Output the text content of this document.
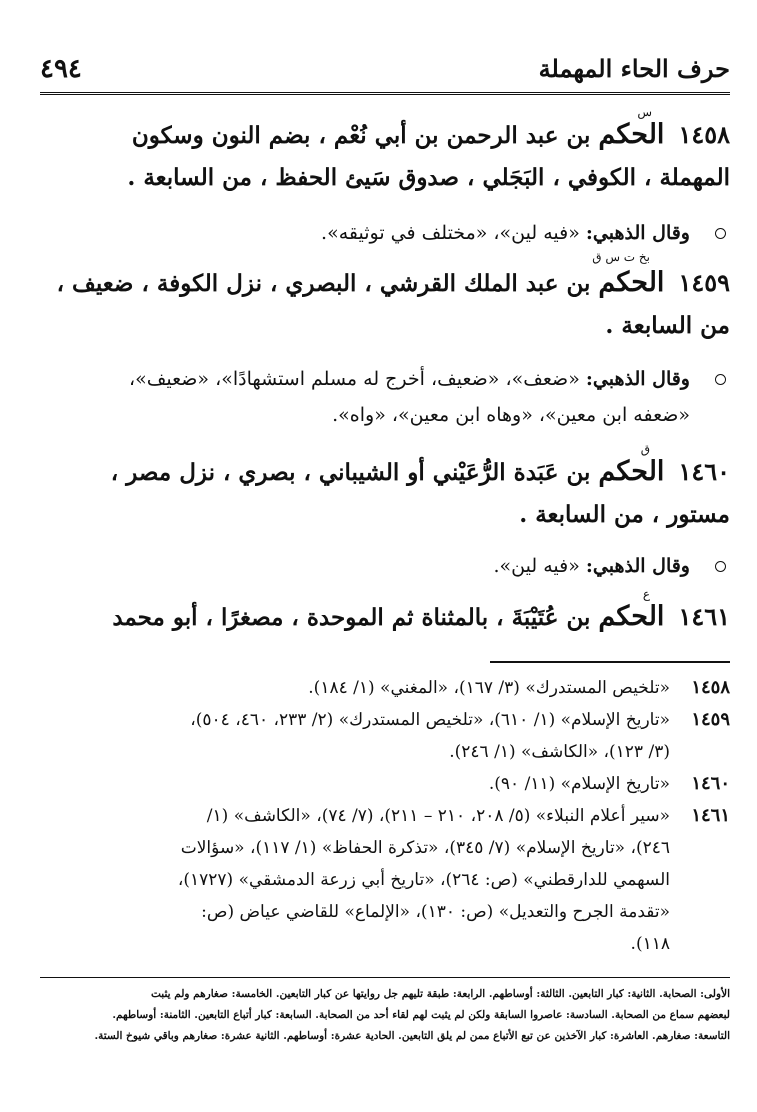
حرف الحاء المهملة
٤٩٤
١٤٥٨الحكم بن عبد الرحمن بن أبي نُعْم ، بضم النون وسكون
المهملة ، الكوفي ، البَجَلي ، صدوق سَيئ الحفظ ، من السابعة .
س
وقال الذهبي: «فيه لين»، «مختلف في توثيقه».
١٤٥٩الحكم بن عبد الملك القرشي ، البصري ، نزل الكوفة ، ضعيف ،
من السابعة .
بخ ت س ق
وقال الذهبي: «ضعف»، «ضعيف، أخرج له مسلم استشهادًا»، «ضعيف»،
«ضعفه ابن معين»، «وهاه ابن معين»، «واه».
١٤٦٠الحكم بن عَبَدة الرُّعَيْني أو الشيباني ، بصري ، نزل مصر ،
مستور ، من السابعة .
ق
وقال الذهبي: «فيه لين».
١٤٦١الحكم بن عُتَيْبَةَ ، بالمثناة ثم الموحدة ، مصغرًا ، أبو محمد
ع
١٤٥٨
«تلخيص المستدرك» (٣/ ١٦٧)، «المغني» (١/ ١٨٤).
١٤٥٩
«تاريخ الإسلام» (١/ ٦١٠)، «تلخيص المستدرك» (٢/ ٢٣٣، ٤٦٠، ٥٠٤)،
(٣/ ١٢٣)، «الكاشف» (١/ ٢٤٦).
١٤٦٠
«تاريخ الإسلام» (١١/ ٩٠).
١٤٦١
«سير أعلام النبلاء» (٥/ ٢٠٨، ٢١٠ – ٢١١)، (٧/ ٧٤)، «الكاشف» (١/
٢٤٦)، «تاريخ الإسلام» (٧/ ٣٤٥)، «تذكرة الحفاظ» (١/ ١١٧)، «سؤالات
السهمي للدارقطني» (ص: ٢٦٤)، «تاريخ أبي زرعة الدمشقي» (١٧٢٧)،
«تقدمة الجرح والتعديل» (ص: ١٣٠)، «الإلماع» للقاضي عياض (ص:
١١٨).
الأولى: الصحابة. الثانية: كبار التابعين. الثالثة: أوساطهم. الرابعة: طبقة تليهم جل روايتها عن كبار التابعين. الخامسة: صغارهم ولم يثبت
لبعضهم سماع من الصحابة. السادسة: عاصروا السابقة ولكن لم يثبت لهم لقاء أحد من الصحابة. السابعة: كبار أتباع التابعين. الثامنة: أوساطهم.
التاسعة: صغارهم. العاشرة: كبار الآخذين عن تبع الأتباع ممن لم يلق التابعين. الحادية عشرة: أوساطهم. الثانية عشرة: صغارهم وباقي شيوخ الستة.
